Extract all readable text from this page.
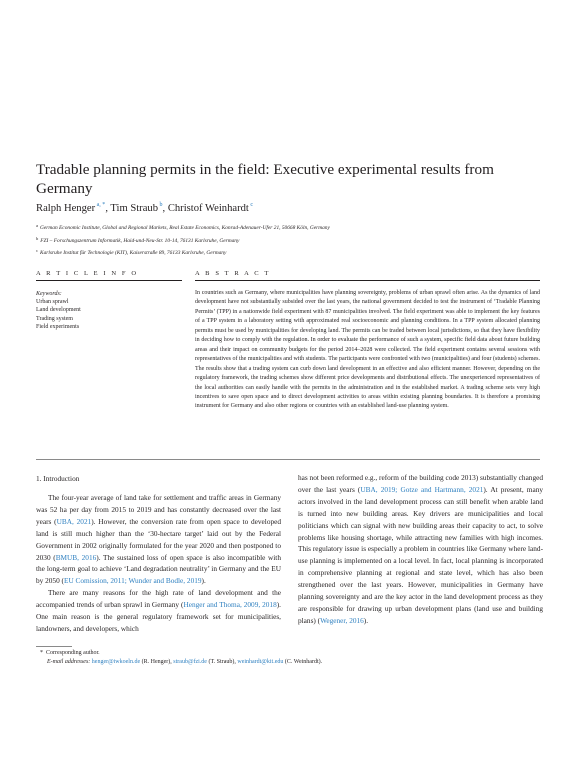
Tradable planning permits in the field: Executive experimental results from Germany
Ralph Henger $^{a, *}$, Tim Straub $^b$, Christof Weinhardt $^c$
$^a$ German Economic Institute, Global and Regional Markets, Real Estate Economics, Konrad-Adenauer-Ufer 21, 50668 Köln, Germany
$^b$ FZI – Forschungszentrum Informatik, Haid-und-Neu-Str. 10-14, 76131 Karlsruhe, Germany
$^c$ Karlsruhe Institut für Technologie (KIT), Kaiserstraße 89, 76133 Karlsruhe, Germany
A R T I C L E I N F O	A B S T R A C T
Keywords:
Urban sprawl
Land development
Trading system
Field experiments

In countries such as Germany, where municipalities have planning sovereignty, problems of urban sprawl often arise. As the dynamics of land development have not substantially subsided over the last years, the national government decided to test the instrument of ‘Tradable Planning Permits’ (TPP) in a nationwide field experiment with 87 municipalities involved. The field experiment was able to implement the key features of a TPP system in a laboratory setting with approximated real socioeconomic and planning conditions. In a TPP system allocated planning permits must be used by municipalities for developing land. The permits can be traded between local jurisdictions, so that they have flexibility in deciding how to comply with the regulation. In order to evaluate the performance of such a system, specific field data about future building areas and their impact on community budgets for the period 2014–2028 were collected. The field experiment contains several sessions with representatives of the municipalities and with students. The participants were confronted with two (municipalities) and four (students) schemes. The results show that a trading system can curb down land development in an effective and also efficient manner. However, depending on the regulatory framework, the trading schemes show different price developments and distributional effects. The unexperienced representatives of the local authorities can easily handle with the permits in the administration and in the established market. A trading scheme sets very high incentives to save open space and to direct development activities to areas within existing planning boundaries. It is therefore a promising instrument for Germany and also other regions or countries with an established land-use planning system.

1. Introduction

The four-year average of land take for settlement and traffic areas in Germany was 52 ha per day from 2015 to 2019 and has constantly decreased over the last years (UBA, 2021). However, the conversion rate from open space to developed land is still much higher than the ‘30-hectare target’ laid out by the Federal Government in 2002 originally formulated for the year 2020 and then postponed to 2030 (BMUB, 2016). The sustained loss of open space is also incompatible with the long-term goal to achieve ‘Land degradation neutrality’ in Germany and the EU by 2050 (EU Comission, 2011; Wunder and Bodle, 2019).

There are many reasons for the high rate of land development and the accompanied trends of urban sprawl in Germany (Henger and Thoma, 2009, 2018). One main reason is the general regulatory framework set for municipalities, landowners, and developers, which

has not been reformed e.g., reform of the building code 2013) substantially changed over the last years (UBA, 2019; Gotze and Hartmann, 2021). At present, many actors involved in the land development process can still benefit when arable land is turned into new building areas. Key drivers are municipalities and local politicians which can signal with new building areas their capacity to act, to solve problems like housing shortage, while attracting new families with high incomes. This regulatory issue is especially a problem in countries like Germany where land-use planning is implemented on a local level. In fact, local planning is incorporated in comprehensive planning at regional and state level, which has also been strengthened over the last years. However, municipalities in Germany have planning sovereignty and are the key actor in the land development process as they are responsible for drawing up urban development plans (land use and building plans) (Wegener, 2016).

*  Corresponding author.
E-mail addresses: henger@iwkoeln.de (R. Henger), straub@fzi.de (T. Straub), weinhardt@kit.edu (C. Weinhardt).
